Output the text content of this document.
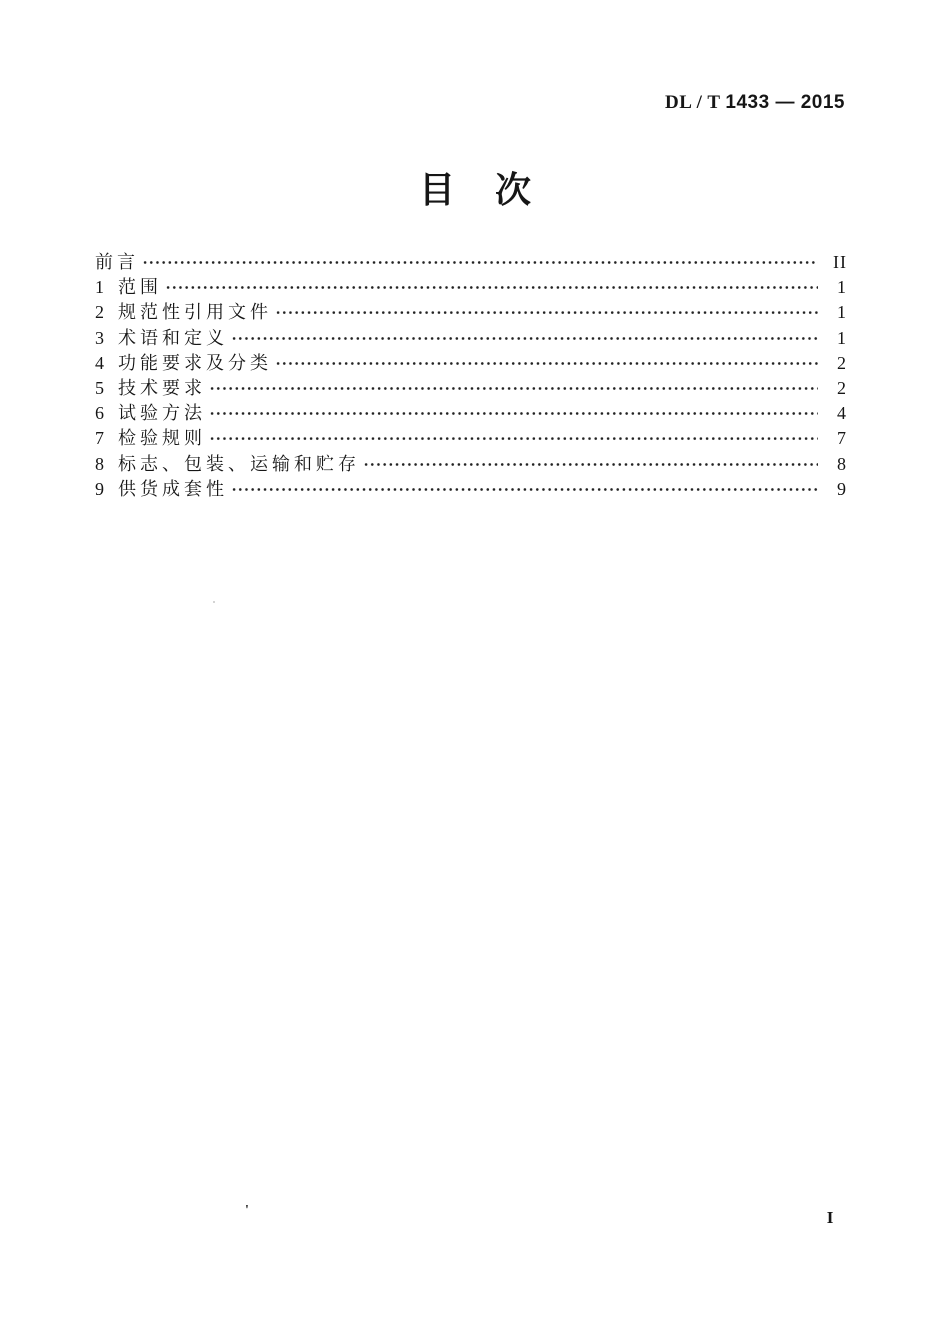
DL / T 1433 — 2015
目 次
前言	II
1 范围	1
2 规范性引用文件	1
3 术语和定义	1
4 功能要求及分类	2
5 技术要求	2
6 试验方法	4
7 检验规则	7
8 标志、包装、运输和贮存	8
9 供货成套性	9
'	I
